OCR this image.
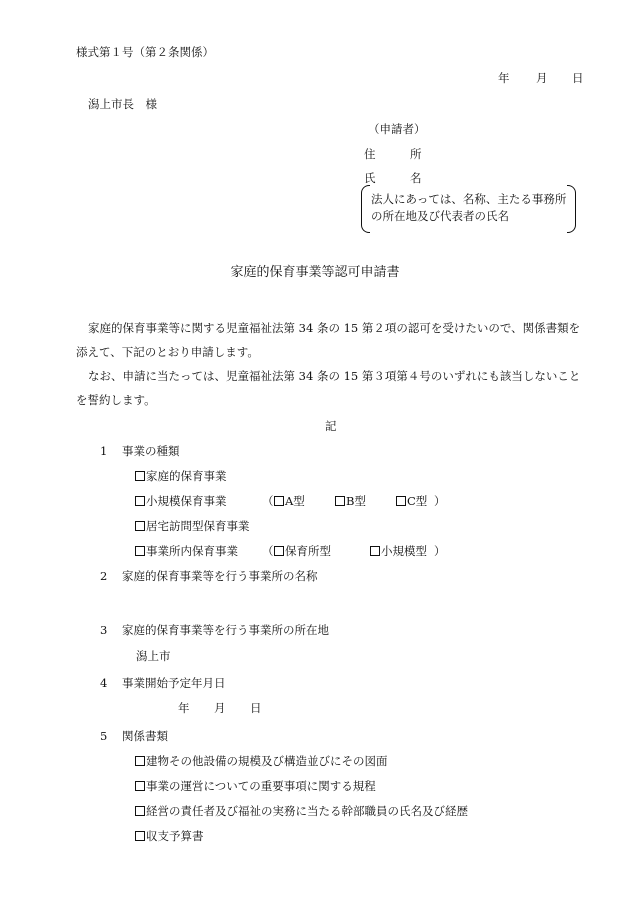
様式第１号（第２条関係）
年 月 日
潟上市長　様
（申請者）
住　　　所
氏　　　名
法人にあっては、名称、主たる事務所
の所在地及び代表者の氏名
家庭的保育事業等認可申請書
家庭的保育事業等に関する児童福祉法第 34 条の 15 第２項の認可を受けたいので、関係書類を添えて、下記のとおり申請します。
なお、申請に当たっては、児童福祉法第 34 条の 15 第３項第４号のいずれにも該当しないことを誓約します。
記
1 事業の種類
家庭的保育事業
小規模保育事業	（	A型	B型	C型 ）
居宅訪問型保育事業
事業所内保育事業 （	保育所型	小規模型 ）
2 家庭的保育事業等を行う事業所の名称
3 家庭的保育事業等を行う事業所の所在地
潟上市
4 事業開始予定年月日
年 月 日
5 関係書類
建物その他設備の規模及び構造並びにその図面
事業の運営についての重要事項に関する規程
経営の責任者及び福祉の実務に当たる幹部職員の氏名及び経歴
収支予算書
